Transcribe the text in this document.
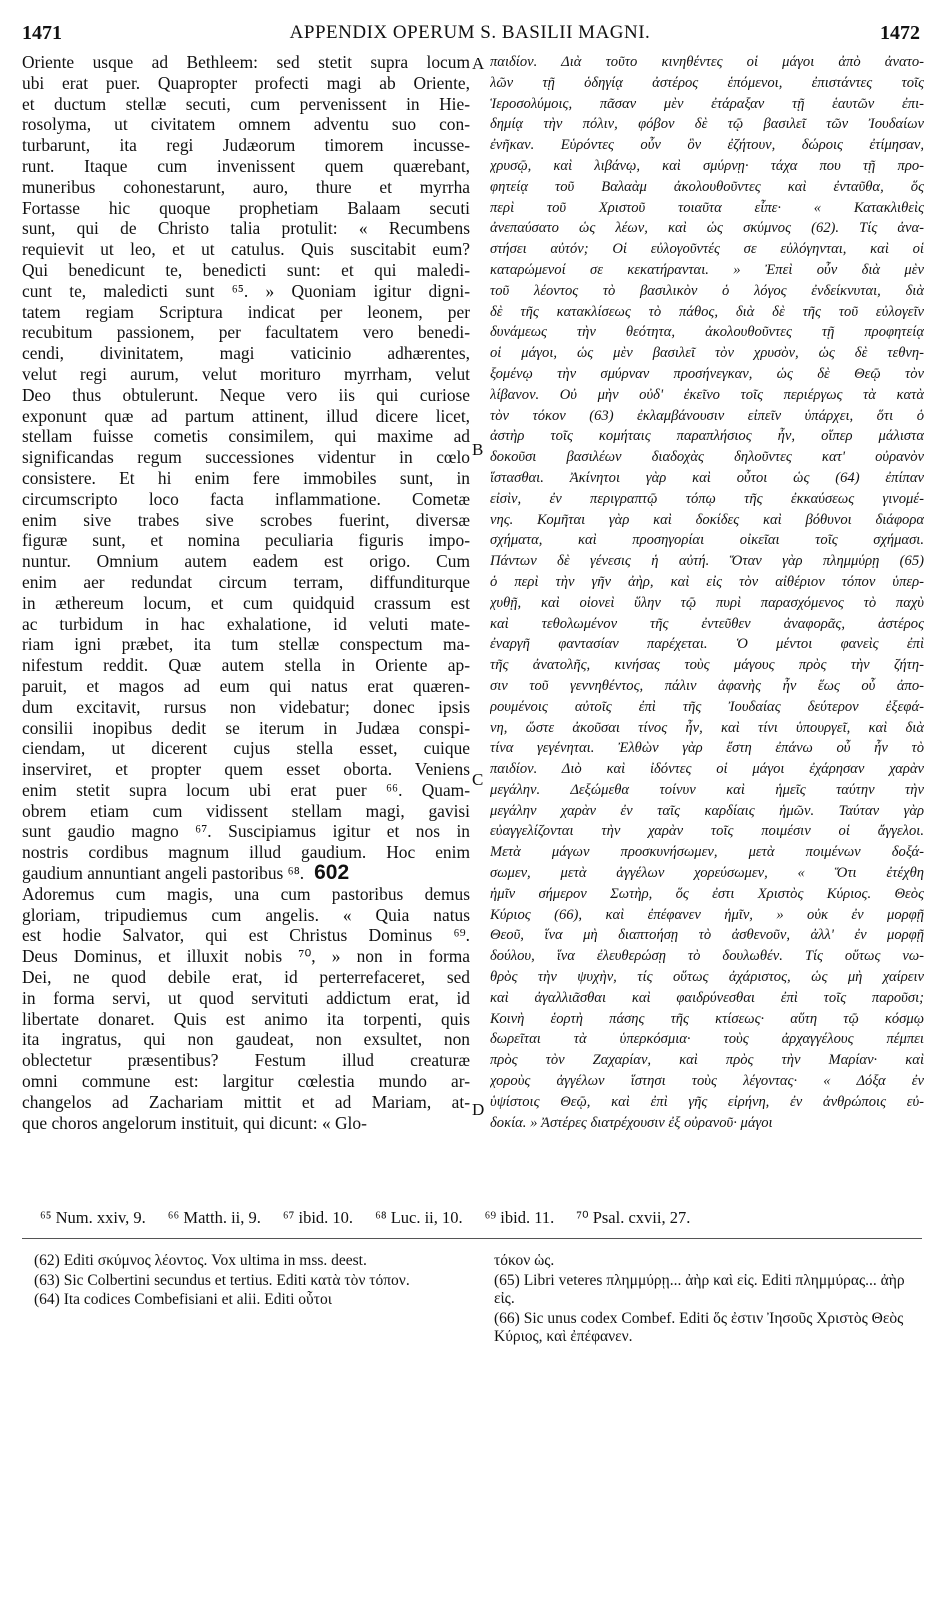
1471	APPENDIX OPERUM S. BASILII MAGNI.	1472
Oriente usque ad Bethleem: sed stetit supra locum
ubi erat puer. Quapropter profecti magi ab Oriente,
et ductum stellæ secuti, cum pervenissent in Hie-
rosolyma, ut civitatem omnem adventu suo con-
turbarunt, ita regi Judæorum timorem incusse-
runt. Itaque cum invenissent quem quærebant,
muneribus cohonestarunt, auro, thure et myrrha
Fortasse hic quoque prophetiam Balaam secuti
sunt, qui de Christo talia protulit: « Recumbens
requievit ut leo, et ut catulus. Quis suscitabit eum?
Qui benedicunt te, benedicti sunt: et qui maledi-
cunt te, maledicti sunt ⁶⁵. » Quoniam igitur digni-
tatem regiam Scriptura indicat per leonem, per
recubitum passionem, per facultatem vero benedi-
cendi, divinitatem, magi vaticinio adhærentes,
velut regi aurum, velut moriturо myrrham, velut
Deo thus obtulerunt. Neque vero iis qui curiose
exponunt quæ ad partum attinent, illud dicere licet,
stellam fuisse cometis consimilem, qui maxime ad
significandas regum successiones videntur in cœlo
consistere. Et hi enim fere immobiles sunt, in
circumscripto loco facta inflammatione. Cometæ
enim sive trabes sive scrobes fuerint, diversæ
figuræ sunt, et nomina peculiaria figuris impo-
nuntur. Omnium autem eadem est origo. Cum
enim aer redundat circum terram, diffunditurque
in æthereum locum, et cum quidquid crassum est
ac turbidum in hac exhalatione, id veluti mate-
riam igni præbet, ita tum stellæ conspectum ma-
nifestum reddit. Quæ autem stella in Oriente ap-
paruit, et magos ad eum qui natus erat quæren-
dum excitavit, rursus non videbatur; donec ipsis
consilii inopibus dedit se iterum in Judæa conspi-
ciendam, ut dicerent cujus stella esset, cuique
inserviret, et propter quem esset oborta. Veniens
enim stetit supra locum ubi erat puer ⁶⁶. Quam-
obrem etiam cum vidissent stellam magi, gavisi
sunt gaudio magno ⁶⁷. Suscipiamus igitur et nos in
nostris cordibus magnum illud gaudium. Hoc enim
gaudium annuntiant angeli pastoribus ⁶⁸. 602
Adoremus cum magis, una cum pastoribus demus
gloriam, tripudiemus cum angelis. « Quia natus
est hodie Salvator, qui est Christus Dominus ⁶⁹.
Deus Dominus, et illuxit nobis ⁷⁰, » non in forma
Dei, ne quod debile erat, id perterrefaceret, sed
in forma servi, ut quod servituti addictum erat, id
libertate donaret. Quis est animo ita torpenti, quis
ita ingratus, qui non gaudeat, non exsultet, non
oblectetur præsentibus? Festum illud creaturæ
omni commune est: largitur cœlestia mundo ar-
changelos ad Zachariam mittit et ad Mariam, at-
que choros angelorum instituit, qui dicunt: « Glo-
παιδίον. Διὰ τοῦτο κινηθέντες οἱ μάγοι ἀπὸ ἀνατο-
λῶν τῇ ὁδηγίᾳ ἀστέρος ἑπόμενοι, ἐπιστάντες τοῖς
Ἱεροσολύμοις, πᾶσαν μὲν ἐτάραξαν τῇ ἑαυτῶν ἐπι-
δημίᾳ τὴν πόλιν, φόβον δὲ τῷ βασιλεῖ τῶν Ἰουδαίων
ἐνῆκαν. Εὑρόντες οὖν ὃν ἐζήτουν, δώροις ἐτίμησαν,
χρυσῷ, καὶ λιβάνῳ, καὶ σμύρνῃ· τάχα που τῇ προ-
φητείᾳ τοῦ Βαλαὰμ ἀκολουθοῦντες καὶ ἐνταῦθα, ὅς
περὶ τοῦ Χριστοῦ τοιαῦτα εἶπε· « Κατακλιθεὶς
ἀνεπαύσατο ὡς λέων, καὶ ὡς σκύμνος (62). Τίς ἀνα-
στήσει αὐτόν; Οἱ εὐλογοῦντές σε εὐλόγηνται, καὶ οἱ
καταρώμενοί σε κεκατήρανται. » Ἐπεὶ οὖν διὰ μὲν
τοῦ λέοντος τὸ βασιλικὸν ὁ λόγος ἐνδείκνυται, διὰ
δὲ τῆς κατακλίσεως τὸ πάθος, διὰ δὲ τῆς τοῦ εὐλογεῖν
δυνάμεως τὴν θεότητα, ἀκολουθοῦντες τῇ προφητείᾳ
οἱ μάγοι, ὡς μὲν βασιλεῖ τὸν χρυσὸν, ὡς δὲ τεθνη-
ξομένῳ τὴν σμύρναν προσήνεγκαν, ὡς δὲ Θεῷ τὸν
λίβανον. Οὐ μὴν οὐδ' ἐκεῖνο τοῖς περιέργως τὰ κατὰ
τὸν τόκον (63) ἐκλαμβάνουσιν εἰπεῖν ὑπάρχει, ὅτι ὁ
ἀστὴρ τοῖς κομήταις παραπλήσιος ἦν, οἵπερ μάλιστα
δοκοῦσι βασιλέων διαδοχὰς δηλοῦντες κατ' οὐρανὸν
ἵστασθαι. Ἀκίνητοι γὰρ καὶ οὗτοι ὡς (64) ἐπίπαν
εἰσὶν, ἐν περιγραπτῷ τόπῳ τῆς ἐκκαύσεως γινομέ-
νης. Κομῆται γὰρ καὶ δοκίδες καὶ βόθυνοι διάφορα
σχήματα, καὶ προσηγορίαι οἰκεῖαι τοῖς σχήμασι.
Πάντων δὲ γένεσις ἡ αὐτή. Ὅταν γὰρ πλημμύρῃ (65)
ὁ περὶ τὴν γῆν ἀὴρ, καὶ εἰς τὸν αἰθέριον τόπον ὑπερ-
χυθῇ, καὶ οἱονεὶ ὕλην τῷ πυρὶ παρασχόμενος τὸ παχὺ
καὶ τεθολωμένον τῆς ἐντεῦθεν ἀναφορᾶς, ἀστέρος
ἐναργῆ φαντασίαν παρέχεται. Ὁ μέντοι φανεὶς ἐπὶ
τῆς ἀνατολῆς, κινήσας τοὺς μάγους πρὸς τὴν ζήτη-
σιν τοῦ γεννηθέντος, πάλιν ἀφανὴς ἦν ἕως οὗ ἀπο-
ρουμένοις αὐτοῖς ἐπὶ τῆς Ἰουδαίας δεύτερον ἐξεφά-
νη, ὥστε ἀκοῦσαι τίνος ἦν, καὶ τίνι ὑπουργεῖ, καὶ διὰ
τίνα γεγένηται. Ἐλθὼν γὰρ ἔστη ἐπάνω οὗ ἦν τὸ
παιδίον. Διὸ καὶ ἰδόντες οἱ μάγοι ἐχάρησαν χαρὰν
μεγάλην. Δεξώμεθα τοίνυν καὶ ἡμεῖς ταύτην τὴν
μεγάλην χαρὰν ἐν ταῖς καρδίαις ἡμῶν. Ταύταν γὰρ
εὐαγγελίζονται τὴν χαρὰν τοῖς ποιμέσιν οἱ ἄγγελοι.
Μετὰ μάγων προσκυνήσωμεν, μετὰ ποιμένων δοξά-
σωμεν, μετὰ ἀγγέλων χορεύσωμεν, « Ὅτι ἐτέχθη
ἡμῖν σήμερον Σωτὴρ, ὅς ἐστι Χριστὸς Κύριος. Θεὸς
Κύριος (66), καὶ ἐπέφανεν ἡμῖν, » οὐκ ἐν μορφῇ
Θεοῦ, ἵνα μὴ διαπτοήσῃ τὸ ἀσθενοῦν, ἀλλ' ἐν μορφῇ
δούλου, ἵνα ἐλευθερώσῃ τὸ δουλωθέν. Τίς οὕτως νω-
θρὸς τὴν ψυχὴν, τίς οὕτως ἀχάριστος, ὡς μὴ χαίρειν
καὶ ἀγαλλιᾶσθαι καὶ φαιδρύνεσθαι ἐπὶ τοῖς παροῦσι;
Κοινὴ ἑορτὴ πάσης τῆς κτίσεως· αὕτη τῷ κόσμῳ
δωρεῖται τὰ ὑπερκόσμια· τοὺς ἀρχαγγέλους πέμπει
πρὸς τὸν Ζαχαρίαν, καὶ πρὸς τὴν Μαρίαν· καὶ
χοροὺς ἀγγέλων ἵστησι τοὺς λέγοντας· « Δόξα ἐν
ὑψίστοις Θεῷ, καὶ ἐπὶ γῆς εἰρήνη, ἐν ἀνθρώποις εὐ-
δοκία. » Ἀστέρες διατρέχουσιν ἐξ οὐρανοῦ· μάγοι
A
B
C
D
⁶⁵ Num. xxiv, 9. ⁶⁶ Matth. ii, 9. ⁶⁷ ibid. 10. ⁶⁸ Luc. ii, 10. ⁶⁹ ibid. 11. ⁷⁰ Psal. cxvii, 27.

(62) Editi σκύμνος λέοντος. Vox ultima in mss. deest.

(63) Sic Colbertini secundus et tertius. Editi κατὰ τὸν τόπον.

(64) Ita codices Combefisiani et alii. Editi οὗτοι

τόκον ὡς.

(65) Libri veteres πλημμύρῃ... ἀὴρ καὶ εἰς. Editi πλημμύρας... ἀὴρ εἰς.

(66) Sic unus codex Combef. Editi ὅς ἐστιν Ἰησοῦς Χριστὸς Θεὸς Κύριος, καὶ ἐπέφανεν.
